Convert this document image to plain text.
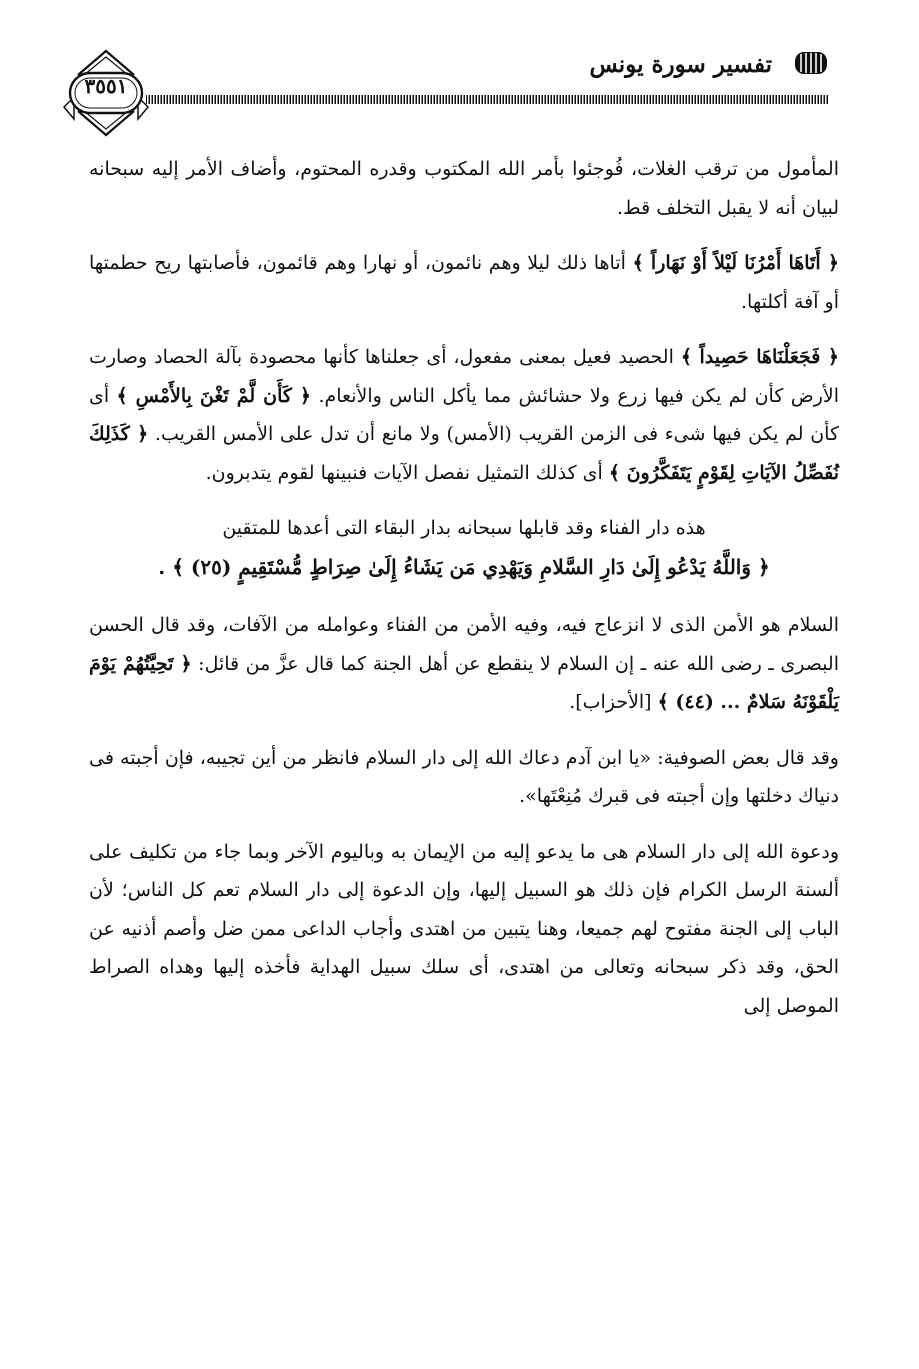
تفسير سورة يونس
٣٥٥١

المأمول من ترقب الغلات، فُوجئوا بأمر الله المكتوب وقدره المحتوم، وأضاف الأمر إليه سبحانه لبيان أنه لا يقبل التخلف قط.

﴿ أَتَاهَا أَمْرُنَا لَيْلاً أَوْ نَهَاراً ﴾ أتاها ذلك ليلا وهم نائمون، أو نهارا وهم قائمون، فأصابتها ريح حطمتها أو آفة أكلتها.

﴿ فَجَعَلْنَاهَا حَصِيداً ﴾ الحصيد فعيل بمعنى مفعول، أى جعلناها كأنها محصودة بآلة الحصاد وصارت الأرض كأن لم يكن فيها زرع ولا حشائش مما يأكل الناس والأنعام. ﴿ كَأَن لَّمْ تَغْنَ بِالأَمْسِ ﴾ أى كأن لم يكن فيها شىء فى الزمن القريب (الأمس) ولا مانع أن تدل على الأمس القريب. ﴿ كَذَلِكَ نُفَصِّلُ الآيَاتِ لِقَوْمٍ يَتَفَكَّرُونَ ﴾ أى كذلك التمثيل نفصل الآيات فنبينها لقوم يتدبرون.

هذه دار الفناء وقد قابلها سبحانه بدار البقاء التى أعدها للمتقين

﴿ وَاللَّهُ يَدْعُو إِلَىٰ دَارِ السَّلامِ وَيَهْدِي مَن يَشَاءُ إِلَىٰ صِرَاطٍ مُّسْتَقِيمٍ (٢٥) ﴾ .

السلام هو الأمن الذى لا انزعاج فيه، وفيه الأمن من الفناء وعوامله من الآفات، وقد قال الحسن البصرى ـ رضى الله عنه ـ إن السلام لا ينقطع عن أهل الجنة كما قال عزَّ من قائل: ﴿ تَحِيَّتُهُمْ يَوْمَ يَلْقَوْنَهُ سَلامٌ ... (٤٤) ﴾ [الأحزاب].

وقد قال بعض الصوفية: «يا ابن آدم دعاك الله إلى دار السلام فانظر من أين تجيبه، فإن أجبته فى دنياك دخلتها وإن أجبته فى قبرك مُنِعْتَها».

ودعوة الله إلى دار السلام هى ما يدعو إليه من الإيمان به وباليوم الآخر وبما جاء من تكليف على ألسنة الرسل الكرام فإن ذلك هو السبيل إليها، وإن الدعوة إلى دار السلام تعم كل الناس؛ لأن الباب إلى الجنة مفتوح لهم جميعا، وهنا يتبين من اهتدى وأجاب الداعى ممن ضل وأصم أذنيه عن الحق، وقد ذكر سبحانه وتعالى من اهتدى، أى سلك سبيل الهداية فأخذه إليها وهداه الصراط الموصل إلى
